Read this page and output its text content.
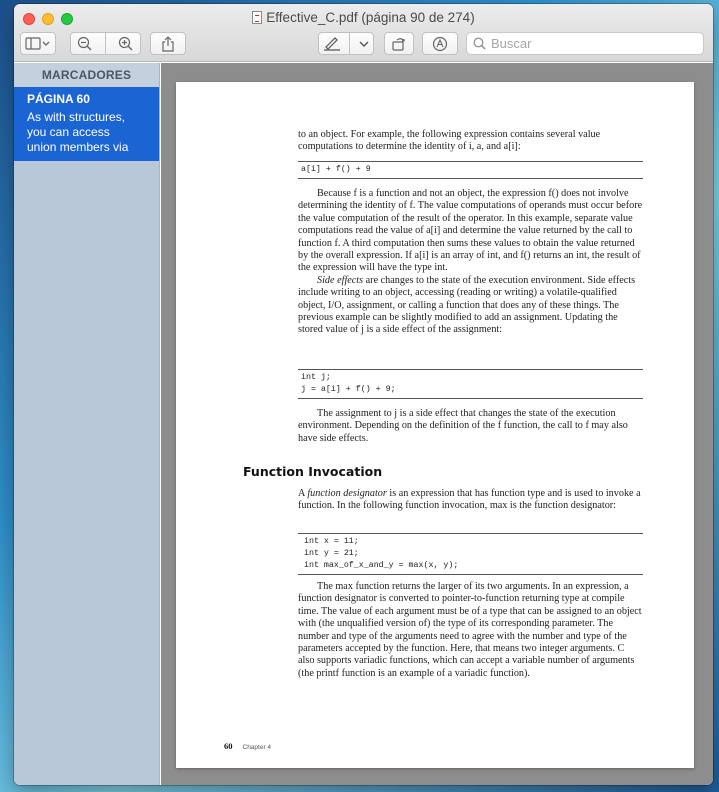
Effective_C.pdf (página 90 de 274)
Buscar
MARCADORES
PÁGINA 60
As with structures,
you can access
union members via

to an object. For example, the following expression contains several value computations to determine the identity of i, a, and a[i]:

a[i] + f() + 9

Because f is a function and not an object, the expression f() does not involve determining the identity of f. The value computations of operands must occur before the value computation of the result of the operator. In this example, separate value computations read the value of a[i] and determine the value returned by the call to function f. A third computation then sums these values to obtain the value returned by the overall expression. If a[i] is an array of int, and f() returns an int, the result of the expression will have the type int.

Side effects are changes to the state of the execution environment. Side effects include writing to an object, accessing (reading or writing) a volatile-qualified object, I/O, assignment, or calling a function that does any of these things. The previous example can be slightly modified to add an assignment. Updating the stored value of j is a side effect of the assignment:

int j;
j = a[i] + f() + 9;

The assignment to j is a side effect that changes the state of the execution environment. Depending on the definition of the f function, the call to f may also have side effects.

Function Invocation

A function designator is an expression that has function type and is used to invoke a function. In the following function invocation, max is the function designator:

int x = 11;
int y = 21;
int max_of_x_and_y = max(x, y);

The max function returns the larger of its two arguments. In an expression, a function designator is converted to pointer-to-function returning type at compile time. The value of each argument must be of a type that can be assigned to an object with (the unqualified version of) the type of its corresponding parameter. The number and type of the arguments need to agree with the number and type of the parameters accepted by the function. Here, that means two integer arguments. C also supports variadic functions, which can accept a variable number of arguments (the printf function is an example of a variadic function).

60 Chapter 4
